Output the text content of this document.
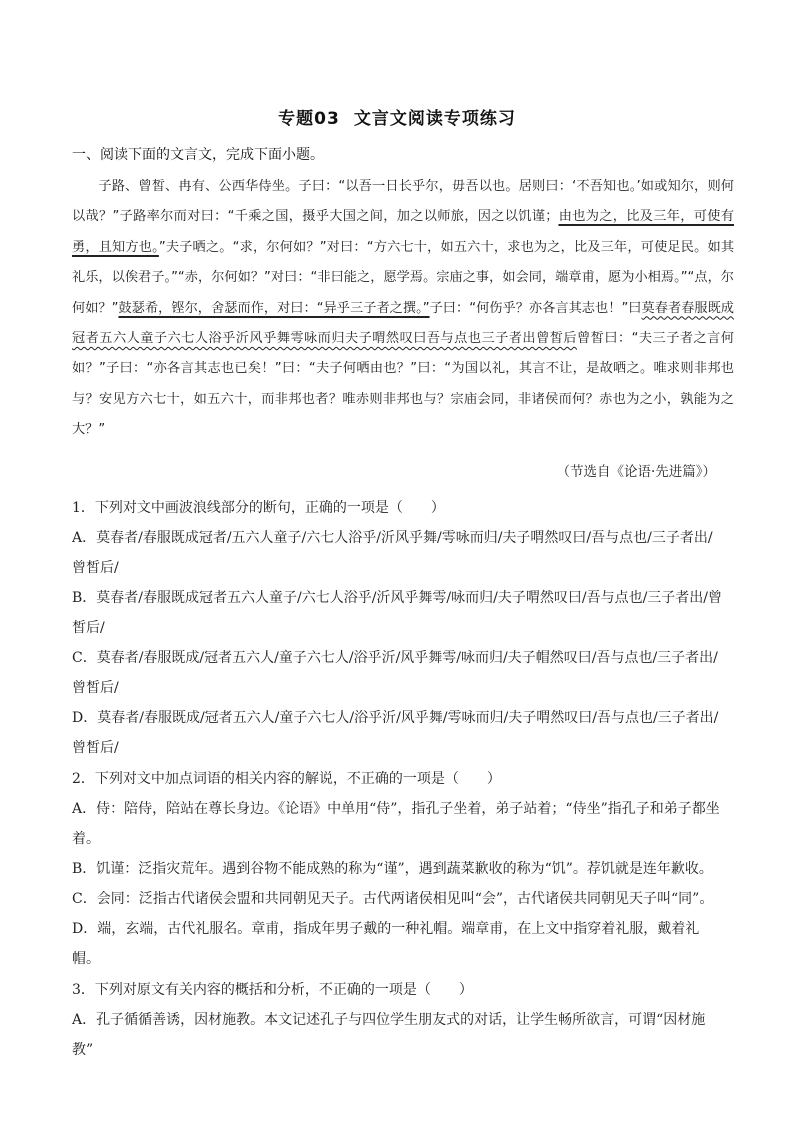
专题03 文言文阅读专项练习
一、阅读下面的文言文，完成下面小题。

子路、曾皙、冉有、公西华侍坐。子曰：“以吾一日长乎尔，毋吾以也。居则曰：‘不吾知也。’如或知尔，则何以哉？”子路率尔而对曰：“千乘之国，摄乎大国之间，加之以师旅，因之以饥谨；由也为之，比及三年，可使有勇，且知方也。”夫子哂之。“求，尔何如？”对曰：“方六七十，如五六十，求也为之，比及三年，可使足民。如其礼乐，以俟君子。”“赤，尔何如？”对曰：“非曰能之，愿学焉。宗庙之事，如会同，端章甫，愿为小相焉。”“点，尔何如？”鼓瑟希，铿尔，舍瑟而作，对曰：“异乎三子者之撰。”子曰：“何伤乎？亦各言其志也！”曰莫春者春服既成冠者五六人童子六七人浴乎沂风乎舞雩咏而归夫子喟然叹曰吾与点也三子者出曾皙后曾皙曰：“夫三子者之言何如？”子曰：“亦各言其志也已矣！”曰：“夫子何哂由也？”曰：“为国以礼，其言不让，是故哂之。唯求则非邦也与？安见方六七十，如五六十，而非邦也者？唯赤则非邦也与？宗庙会同，非诸侯而何？赤也为之小，孰能为之大？”

（节选自《论语·先进篇》）

1．下列对文中画波浪线部分的断句，正确的一项是（　　）

A．莫春者/春服既成冠者/五六人童子/六七人浴乎/沂风乎舞/雩咏而归/夫子喟然叹曰/吾与点也/三子者出/曾皙后/

B．莫春者/春服既成冠者五六人童子/六七人浴乎/沂风乎舞雩/咏而归/夫子喟然叹曰/吾与点也/三子者出/曾皙后/

C．莫春者/春服既成/冠者五六人/童子六七人/浴乎沂/风乎舞雩/咏而归/夫子帽然叹曰/吾与点也/三子者出/曾皙后/

D．莫春者/春服既成/冠者五六人/童子六七人/浴乎沂/风乎舞/雩咏而归/夫子喟然叹曰/吾与点也/三子者出/曾皙后/

2．下列对文中加点词语的相关内容的解说，不正确的一项是（　　）

A．侍：陪侍，陪站在尊长身边。《论语》中单用“侍”，指孔子坐着，弟子站着；“侍坐”指孔子和弟子都坐着。

B．饥谨：泛指灾荒年。遇到谷物不能成熟的称为“谨”，遇到蔬菜歉收的称为“饥”。荐饥就是连年歉收。

C．会同：泛指古代诸侯会盟和共同朝见天子。古代两诸侯相见叫“会”，古代诸侯共同朝见天子叫“同”。

D．端，玄端，古代礼服名。章甫，指成年男子戴的一种礼帽。端章甫，在上文中指穿着礼服，戴着礼帽。

3．下列对原文有关内容的概括和分析，不正确的一项是（　　）

A．孔子循循善诱，因材施教。本文记述孔子与四位学生朋友式的对话，让学生畅所欲言，可谓“因材施教”
